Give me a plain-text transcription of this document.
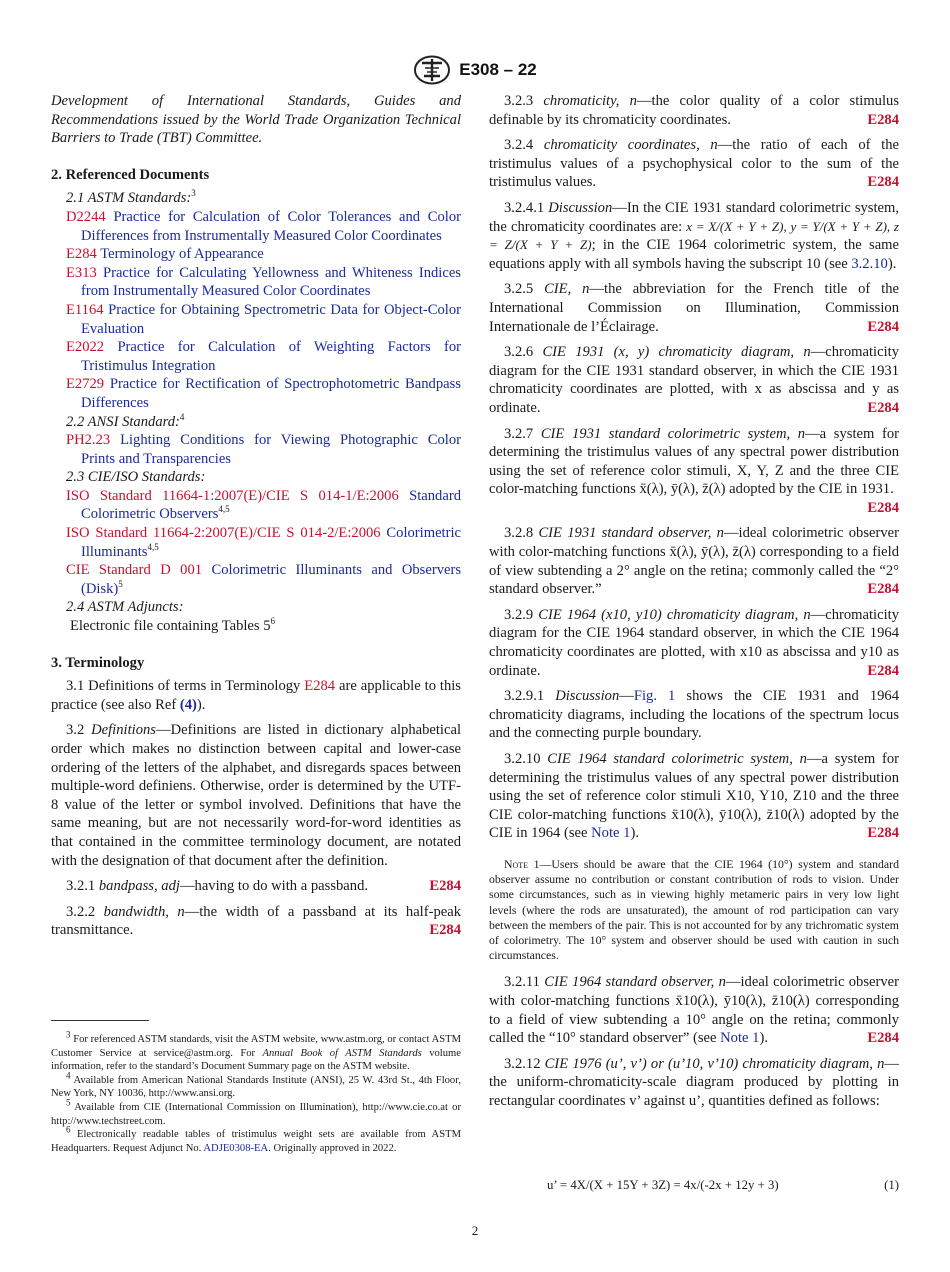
E308 – 22

Development of International Standards, Guides and Recommendations issued by the World Trade Organization Technical Barriers to Trade (TBT) Committee.

2. Referenced Documents

2.1 ASTM Standards:$^3$

D2244 Practice for Calculation of Color Tolerances and Color Differences from Instrumentally Measured Color Coordinates

E284 Terminology of Appearance

E313 Practice for Calculating Yellowness and Whiteness Indices from Instrumentally Measured Color Coordinates

E1164 Practice for Obtaining Spectrometric Data for Object-Color Evaluation

E2022 Practice for Calculation of Weighting Factors for Tristimulus Integration

E2729 Practice for Rectification of Spectrophotometric Bandpass Differences

2.2 ANSI Standard:$^4$

PH2.23 Lighting Conditions for Viewing Photographic Color Prints and Transparencies

2.3 CIE/ISO Standards:

ISO Standard 11664-1:2007(E)/CIE S 014-1/E:2006 Standard Colorimetric Observers$^{4,5}$

ISO Standard 11664-2:2007(E)/CIE S 014-2/E:2006 Colorimetric Illuminants$^{4,5}$

CIE Standard D 001 Colorimetric Illuminants and Observers (Disk)$^5$

2.4 ASTM Adjuncts:

Electronic file containing Tables $5^6$

3. Terminology

3.1 Definitions of terms in Terminology E284 are applicable to this practice (see also Ref (4)).

3.2 Definitions—Definitions are listed in dictionary alphabetical order which makes no distinction between capital and lower-case ordering of the letters of the alphabet, and disregards spaces between multiple-word definiens. Otherwise, order is determined by the UTF-8 value of the letter or symbol involved. Definitions that have the same meaning, but are not necessarily word-for-word identities as that contained in the committee terminology document, are notated with the designation of that document after the definition.

3.2.1 bandpass, adj—having to do with a passband.	E284

3.2.2 bandwidth, n—the width of a passband at its half-peak transmittance.	E284

$^3$ For referenced ASTM standards, visit the ASTM website, www.astm.org, or contact ASTM Customer Service at service@astm.org. For Annual Book of ASTM Standards volume information, refer to the standard’s Document Summary page on the ASTM website.

$^4$ Available from American National Standards Institute (ANSI), 25 W. 43rd St., 4th Floor, New York, NY 10036, http://www.ansi.org.

$^5$ Available from CIE (International Commission on Illumination), http://www.cie.co.at or http://www.techstreet.com.

$^6$ Electronically readable tables of tristimulus weight sets are available from ASTM Headquarters. Request Adjunct No. ADJE0308-EA. Originally approved in 2022.

3.2.3 chromaticity, n—the color quality of a color stimulus definable by its chromaticity coordinates.	E284

3.2.4 chromaticity coordinates, n—the ratio of each of the tristimulus values of a psychophysical color to the sum of the tristimulus values.	E284

3.2.4.1 Discussion—In the CIE 1931 standard colorimetric system, the chromaticity coordinates are: x = X/(X + Y + Z), y = Y/(X + Y + Z), z = Z/(X + Y + Z); in the CIE 1964 colorimetric system, the same equations apply with all symbols having the subscript 10 (see 3.2.10).

3.2.5 CIE, n—the abbreviation for the French title of the International Commission on Illumination, Commission Internationale de l’Éclairage.	E284

3.2.6 CIE 1931 (x, y) chromaticity diagram, n—chromaticity diagram for the CIE 1931 standard observer, in which the CIE 1931 chromaticity coordinates are plotted, with x as abscissa and y as ordinate.	E284

3.2.7 CIE 1931 standard colorimetric system, n—a system for determining the tristimulus values of any spectral power distribution using the set of reference color stimuli, X, Y, Z and the three CIE color-matching functions x̄(λ), ȳ(λ), z̄(λ) adopted by the CIE in 1931.
E284

3.2.8 CIE 1931 standard observer, n—ideal colorimetric observer with color-matching functions x̄(λ), ȳ(λ), z̄(λ) corresponding to a field of view subtending a 2° angle on the retina; commonly called the “2° standard observer.”	E284

3.2.9 CIE 1964 (x10, y10) chromaticity diagram, n—chromaticity diagram for the CIE 1964 standard observer, in which the CIE 1964 chromaticity coordinates are plotted, with x10 as abscissa and y10 as ordinate.	E284

3.2.9.1 Discussion—Fig. 1 shows the CIE 1931 and 1964 chromaticity diagrams, including the locations of the spectrum locus and the connecting purple boundary.

3.2.10 CIE 1964 standard colorimetric system, n—a system for determining the tristimulus values of any spectral power distribution using the set of reference color stimuli X10, Y10, Z10 and the three CIE color-matching functions x̄10(λ), ȳ10(λ), z̄10(λ) adopted by the CIE in 1964 (see Note 1).	E284

Note 1—Users should be aware that the CIE 1964 (10°) system and standard observer assume no contribution or constant contribution of rods to vision. Under some circumstances, such as in viewing highly metameric pairs in very low light levels (where the rods are unsaturated), the amount of rod participation can vary between the members of the pair. This is not accounted for by any trichromatic system of colorimetry. The 10° system and observer should be used with caution in such circumstances.

3.2.11 CIE 1964 standard observer, n—ideal colorimetric observer with color-matching functions x̄10(λ), ȳ10(λ), z̄10(λ) corresponding to a field of view subtending a 10° angle on the retina; commonly called the “10° standard observer” (see Note 1).	E284

3.2.12 CIE 1976 (u’, v’) or (u’10, v’10) chromaticity diagram, n—the uniform-chromaticity-scale diagram produced by plotting in rectangular coordinates v’ against u’, quantities defined as follows:

u’ = 4X/(X + 15Y + 3Z) = 4x/(-2x + 12y + 3)	(1)
2
